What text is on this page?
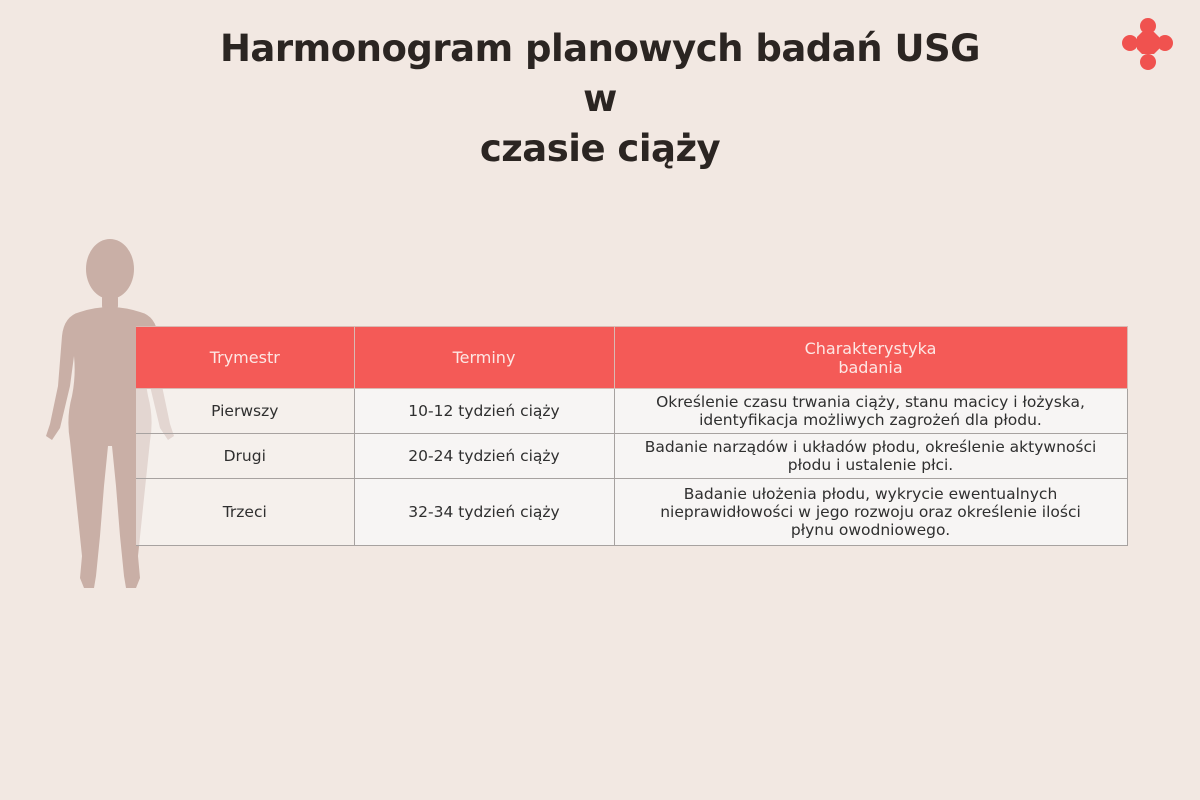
Harmonogram planowych badań USG w
czasie ciąży
Trymestr	Terminy	Charakterystyka
badania

Pierwszy	10-12 tydzień ciąży	Określenie czasu trwania ciąży, stanu macicy i łożyska,
identyfikacja możliwych zagrożeń dla płodu.

Drugi	20-24 tydzień ciąży	Badanie narządów i układów płodu, określenie aktywności
płodu i ustalenie płci.

Trzeci	32-34 tydzień ciąży	Badanie ułożenia płodu, wykrycie ewentualnych
nieprawidłowości w jego rozwoju oraz określenie ilości
płynu owodniowego.
